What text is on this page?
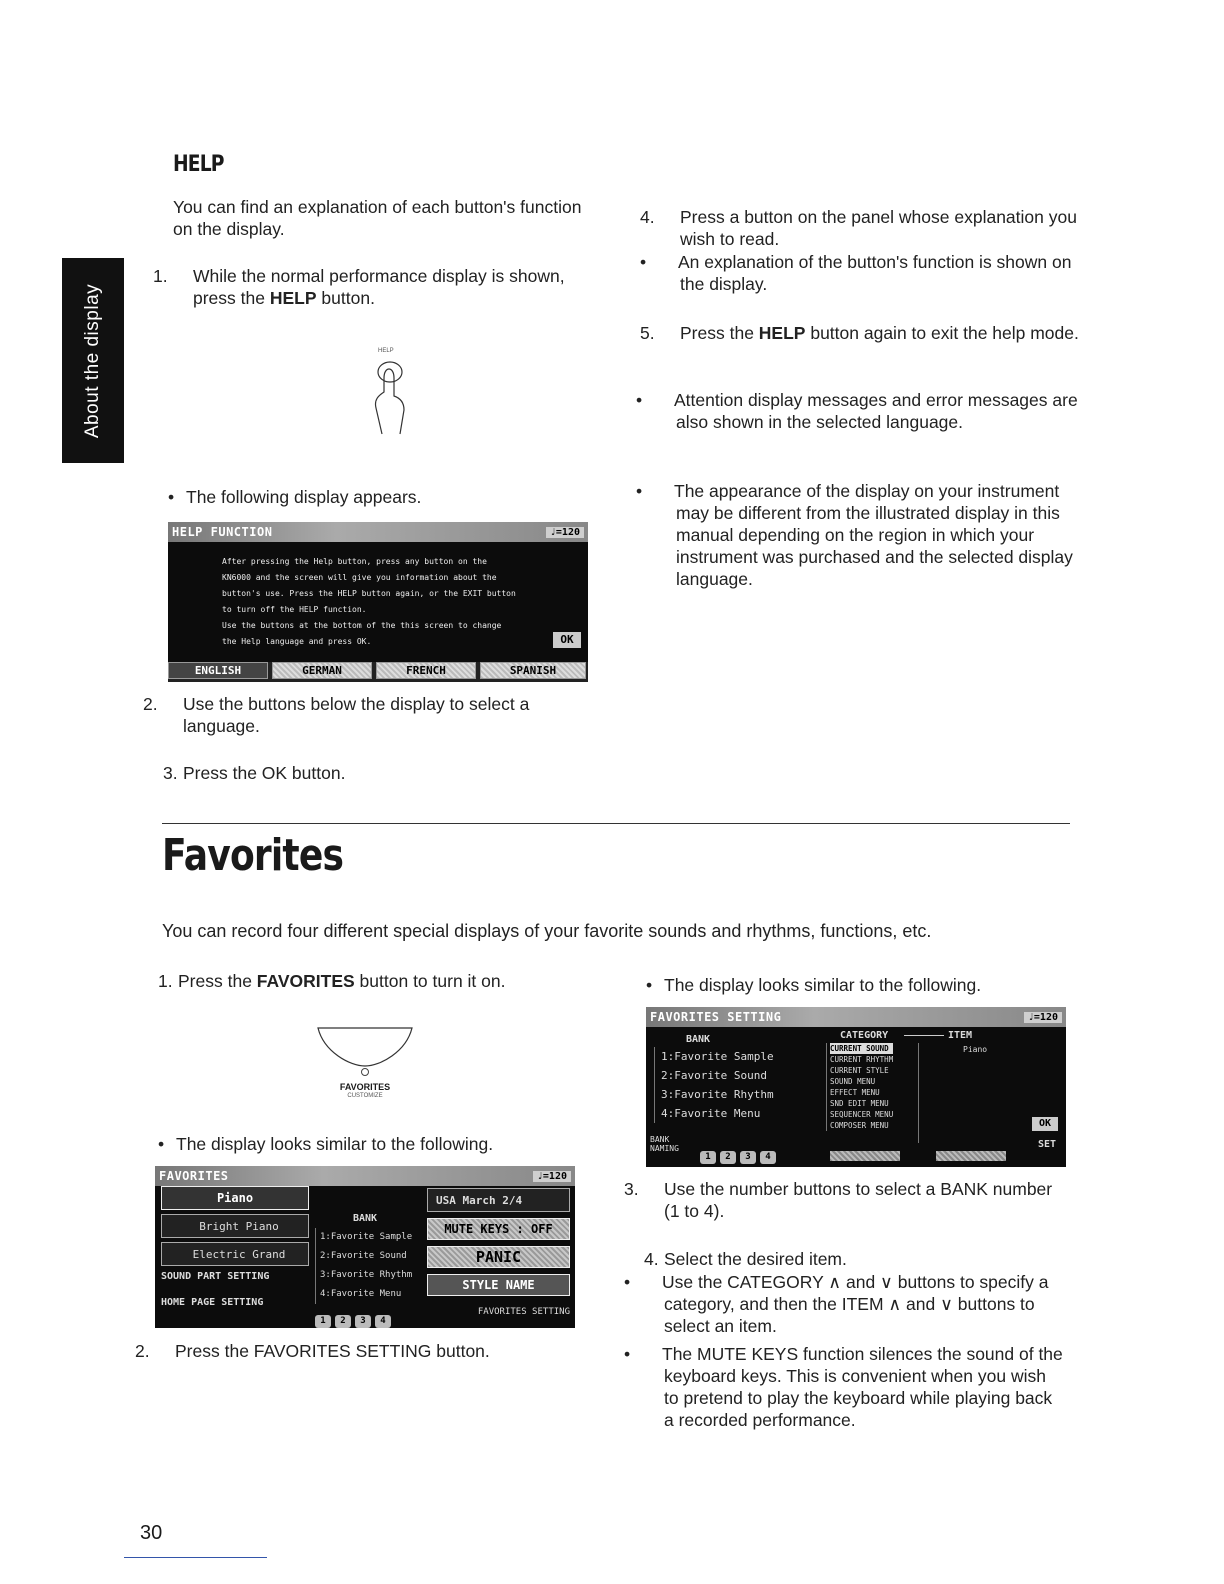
About the display
HELP
You can find an explanation of each button's function on the display.
1. While the normal performance display is shown, press the HELP button.
HELP
• The following display appears.
HELP FUNCTION	♩=120
After pressing the Help button, press any button on the
KN6000 and the screen will give you information about the
button's use. Press the HELP button again, or the EXIT button
to turn off the HELP function.
Use the buttons at the bottom of the this screen to change
the Help language and press OK.	OK
ENGLISH	GERMAN	FRENCH	SPANISH
2. Use the buttons below the display to select a language.
3. Press the OK button.
4. Press a button on the panel whose explanation you wish to read.
• An explanation of the button's function is shown on the display.
5. Press the HELP button again to exit the help mode.
• Attention display messages and error messages are also shown in the selected language.
• The appearance of the display on your instrument may be different from the illustrated display in this manual depending on the region in which your instrument was purchased and the selected display language.
Favorites
You can record four different special displays of your favorite sounds and rhythms, functions, etc.
1. Press the FAVORITES button to turn it on.
FAVORITES
CUSTOMIZE
• The display looks similar to the following.
FAVORITES	♩=120
Piano
Bright Piano
Electric Grand
SOUND PART SETTING
HOME PAGE SETTING
BANK
1:Favorite Sample
2:Favorite Sound
3:Favorite Rhythm
4:Favorite Menu
1 2 3 4
USA March 2/4
MUTE KEYS : OFF
PANIC
STYLE NAME
FAVORITES SETTING
2. Press the FAVORITES SETTING button.
• The display looks similar to the following.
FAVORITES SETTING	♩=120
BANK
1:Favorite Sample
2:Favorite Sound
3:Favorite Rhythm
4:Favorite Menu
BANK NAMING
1 2 3 4
CATEGORY	ITEM
CURRENT SOUND
CURRENT RHYTHM
CURRENT STYLE
SOUND MENU
EFFECT MENU
SND EDIT MENU
SEQUENCER MENU
COMPOSER MENU
Piano
OK
SET
3. Use the number buttons to select a BANK number (1 to 4).
4. Select the desired item.
• Use the CATEGORY ∧ and ∨ buttons to specify a category, and then the ITEM ∧ and ∨ buttons to select an item.
• The MUTE KEYS function silences the sound of the keyboard keys. This is convenient when you wish to pretend to play the keyboard while playing back a recorded performance.
30
